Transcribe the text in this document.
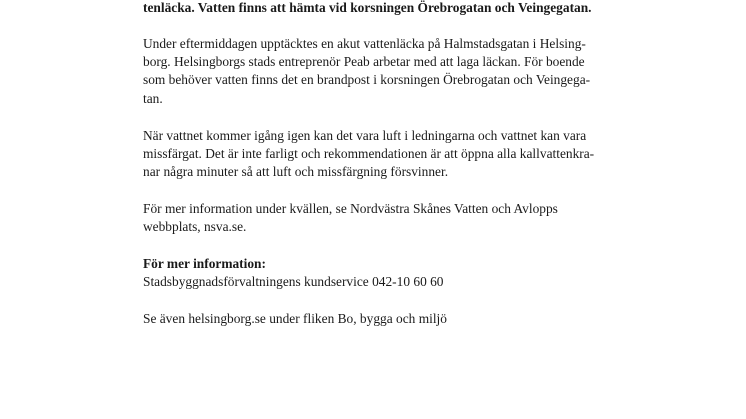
tenläcka. Vatten finns att hämta vid korsningen Örebrogatan och Veingegatan.
Under eftermiddagen upptäcktes en akut vattenläcka på Halmstadsgatan i Helsing-
borg. Helsingborgs stads entreprenör Peab arbetar med att laga läckan. För boende
som behöver vatten finns det en brandpost i korsningen Örebrogatan och Veingega-
tan.
När vattnet kommer igång igen kan det vara luft i ledningarna och vattnet kan vara
missfärgat. Det är inte farligt och rekommendationen är att öppna alla kallvattenkra-
nar några minuter så att luft och missfärgning försvinner.
För mer information under kvällen, se Nordvästra Skånes Vatten och Avlopps
webbplats, nsva.se.
För mer information:
Stadsbyggnadsförvaltningens kundservice 042-10 60 60
Se även helsingborg.se under fliken Bo, bygga och miljö
